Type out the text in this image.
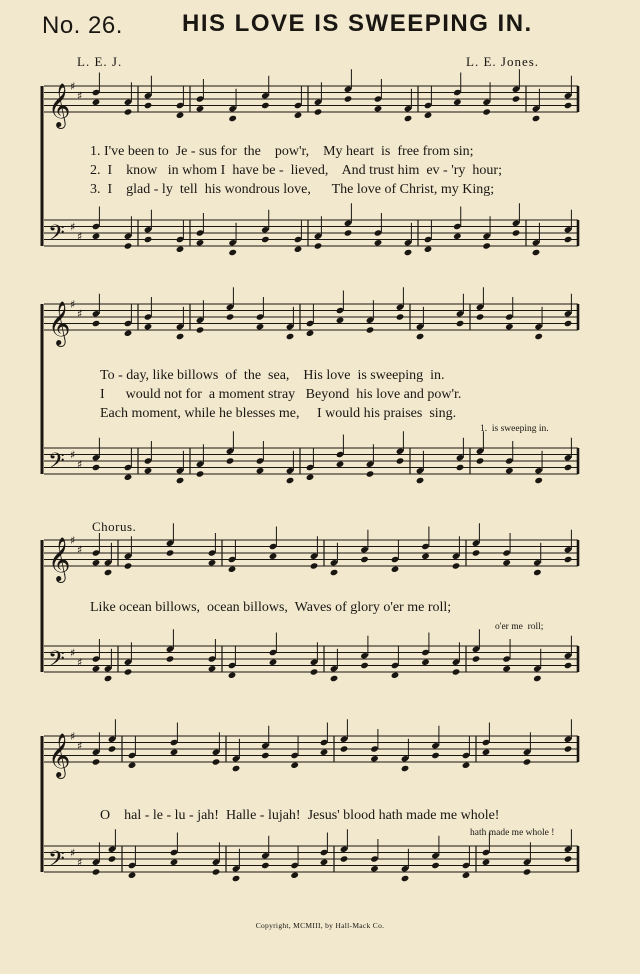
No. 26. HIS LOVE IS SWEEPING IN.
L. E. J.	L. E. Jones.
𝄞 ♯
♯
𝄢 ♯
♯
1. I've been to  Je - sus for  the    pow'r,    My heart  is  free from sin;
2.  I    know   in whom I  have be -  lieved,    And trust him  ev - 'ry  hour;
3.  I    glad - ly  tell  his wondrous love,      The love of Christ, my King;
𝄞 ♯
♯
𝄢 ♯
♯
To - day, like billows  of  the  sea,    His love  is sweeping  in.
I      would not for  a moment stray   Beyond  his love and pow'r.
Each moment, while he blesses me,     I would his praises  sing.
1.  is sweeping in.
Chorus.
𝄞 ♯
♯
𝄢 ♯
♯
Like ocean billows,  ocean billows,  Waves of glory o'er me roll;
o'er me  roll;
𝄞 ♯
♯
𝄢 ♯
♯
O    hal - le - lu - jah!  Halle - lujah!  Jesus' blood hath made me whole!
hath made me whole !
Copyright, MCMIII, by Hall-Mack Co.
